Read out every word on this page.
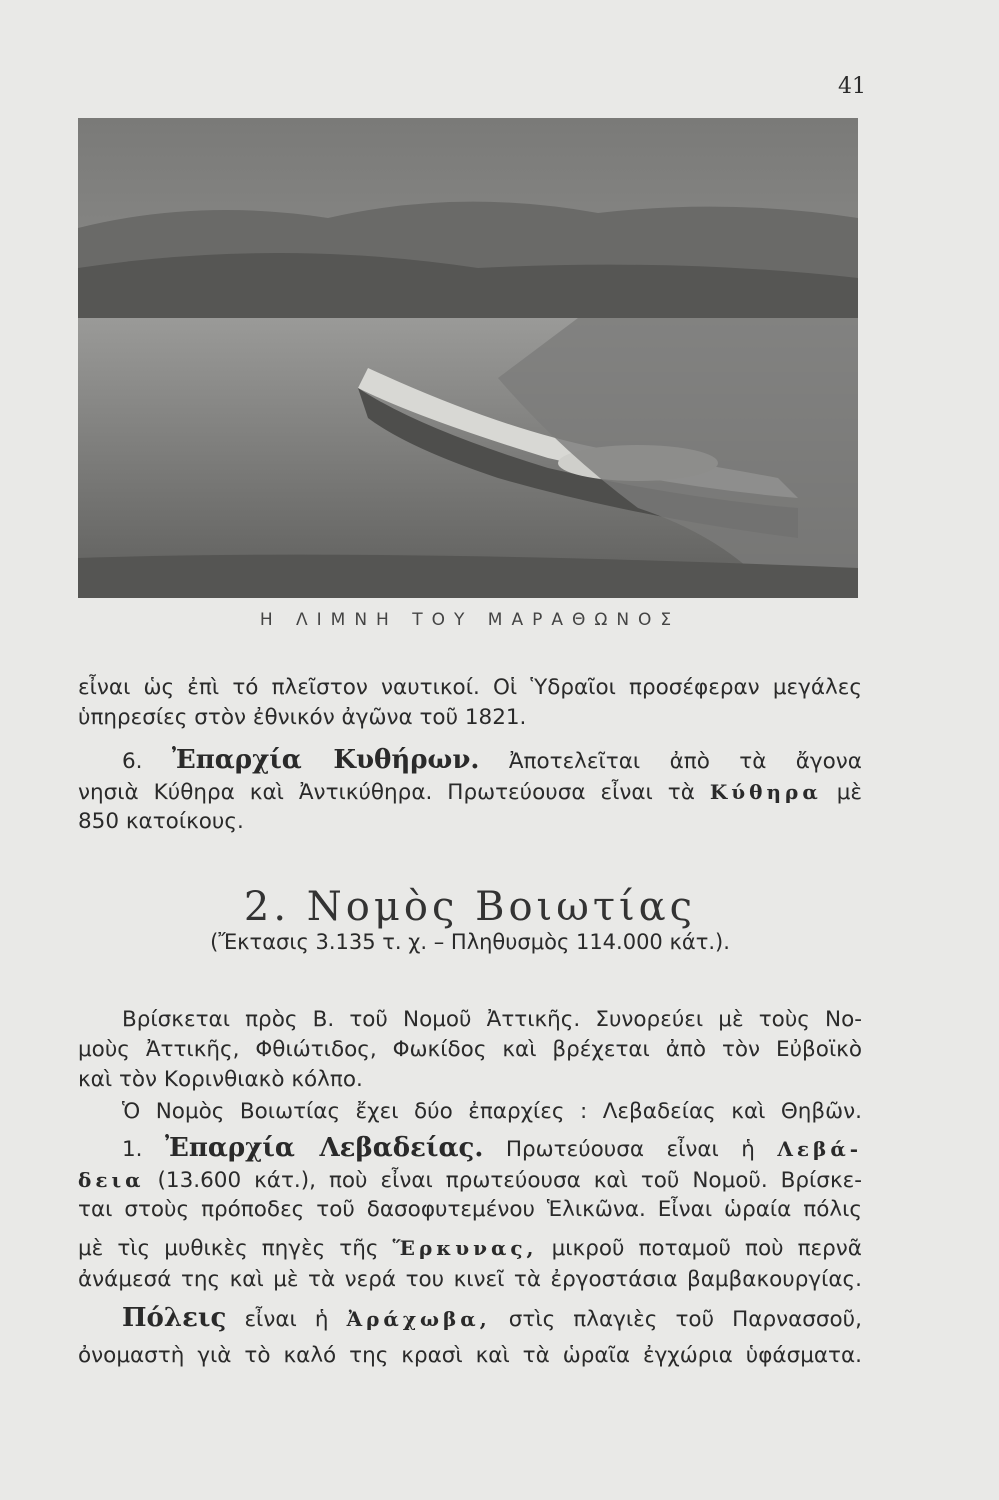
41
Η ΛΙΜΝΗ ΤΟΥ ΜΑΡΑΘΩΝΟΣ
εἶναι ὡς ἐπὶ τό πλεῖστον ναυτικοί. Οἱ Ὑδραῖοι προσέφεραν μεγάλες
ὑπηρεσίες στὸν ἐθνικόν ἀγῶνα τοῦ 1821.
6. Ἐπαρχία Κυθήρων. Ἀποτελεῖται ἀπὸ τὰ ἄγονα
νησιὰ Κύθηρα καὶ Ἀντικύθηρα. Πρωτεύουσα εἶναι τὰ Κύθηρα μὲ
850 κατοίκους.
2. Νομὸς Βοιωτίας
(Ἔκτασις 3.135 τ. χ. – Πληθυσμὸς 114.000 κάτ.).
Βρίσκεται πρὸς Β. τοῦ Νομοῦ Ἀττικῆς. Συνορεύει μὲ τοὺς Νο-
μοὺς Ἀττικῆς, Φθιώτιδος, Φωκίδος καὶ βρέχεται ἀπὸ τὸν Εὐβοϊκὸ
καὶ τὸν Κορινθιακὸ κόλπο.
Ὁ Νομὸς Βοιωτίας ἔχει δύο ἐπαρχίες : Λεβαδείας καὶ Θηβῶν.
1. Ἐπαρχία Λεβαδείας. Πρωτεύουσα εἶναι ἡ Λεβά-
δεια (13.600 κάτ.), ποὺ εἶναι πρωτεύουσα καὶ τοῦ Νομοῦ. Βρίσκε-
ται στοὺς πρόποδες τοῦ δασοφυτεμένου Ἑλικῶνα. Εἶναι ὡραία πόλις
μὲ τὶς μυθικὲς πηγὲς τῆς Ἕρκυνας, μικροῦ ποταμοῦ ποὺ περνᾶ
ἀνάμεσά της καὶ μὲ τὰ νερά του κινεῖ τὰ ἐργοστάσια βαμβακουργίας.
Πόλεις εἶναι ἡ Ἀράχωβα, στὶς πλαγιὲς τοῦ Παρνασσοῦ,
ὀνομαστὴ γιὰ τὸ καλό της κρασὶ καὶ τὰ ὡραῖα ἐγχώρια ὑφάσματα.
